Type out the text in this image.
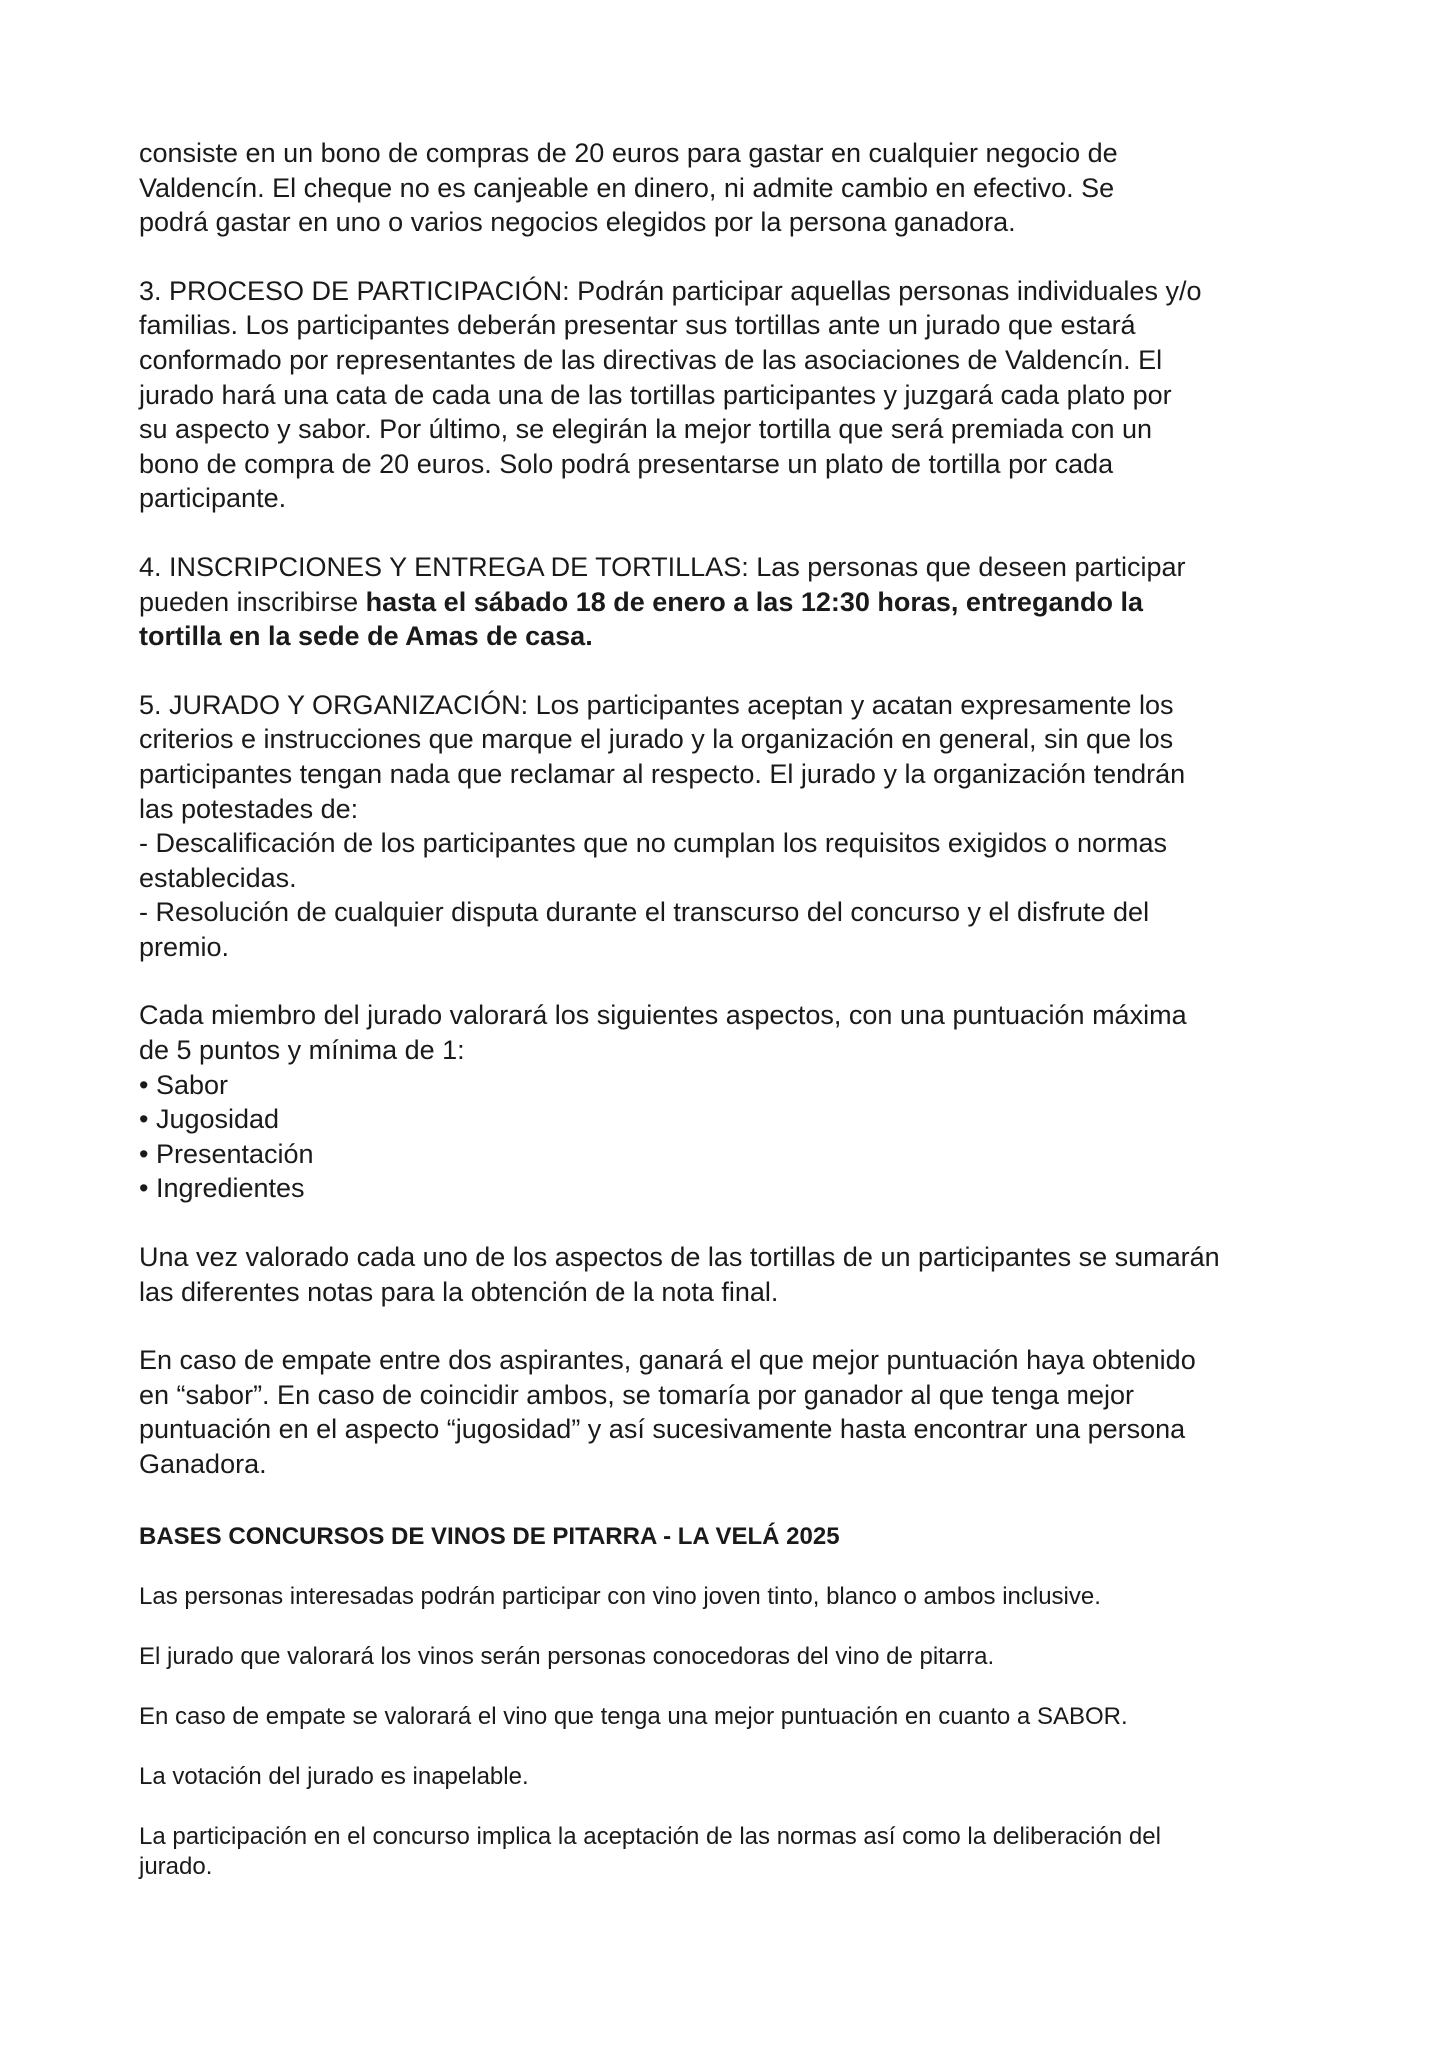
consiste en un bono de compras de 20 euros para gastar en cualquier negocio de
Valdencín. El cheque no es canjeable en dinero, ni admite cambio en efectivo. Se
podrá gastar en uno o varios negocios elegidos por la persona ganadora.

3. PROCESO DE PARTICIPACIÓN: Podrán participar aquellas personas individuales y/o
familias. Los participantes deberán presentar sus tortillas ante un jurado que estará
conformado por representantes de las directivas de las asociaciones de Valdencín. El
jurado hará una cata de cada una de las tortillas participantes y juzgará cada plato por
su aspecto y sabor. Por último, se elegirán la mejor tortilla que será premiada con un
bono de compra de 20 euros. Solo podrá presentarse un plato de tortilla por cada
participante.

4. INSCRIPCIONES Y ENTREGA DE TORTILLAS: Las personas que deseen participar
pueden inscribirse hasta el sábado 18 de enero a las 12:30 horas, entregando la
tortilla en la sede de Amas de casa.

5. JURADO Y ORGANIZACIÓN: Los participantes aceptan y acatan expresamente los
criterios e instrucciones que marque el jurado y la organización en general, sin que los
participantes tengan nada que reclamar al respecto. El jurado y la organización tendrán
las potestades de:
- Descalificación de los participantes que no cumplan los requisitos exigidos o normas
establecidas.
- Resolución de cualquier disputa durante el transcurso del concurso y el disfrute del
premio.

Cada miembro del jurado valorará los siguientes aspectos, con una puntuación máxima
de 5 puntos y mínima de 1:
• Sabor
• Jugosidad
• Presentación
• Ingredientes

Una vez valorado cada uno de los aspectos de las tortillas de un participantes se sumarán
las diferentes notas para la obtención de la nota final.

En caso de empate entre dos aspirantes, ganará el que mejor puntuación haya obtenido
en “sabor”. En caso de coincidir ambos, se tomaría por ganador al que tenga mejor
puntuación en el aspecto “jugosidad” y así sucesivamente hasta encontrar una persona
Ganadora.

BASES CONCURSOS DE VINOS DE PITARRA - LA VELÁ 2025

Las personas interesadas podrán participar con vino joven tinto, blanco o ambos inclusive.

El jurado que valorará los vinos serán personas conocedoras del vino de pitarra.

En caso de empate se valorará el vino que tenga una mejor puntuación en cuanto a SABOR.

La votación del jurado es inapelable.

La participación en el concurso implica la aceptación de las normas así como la deliberación del
jurado.
